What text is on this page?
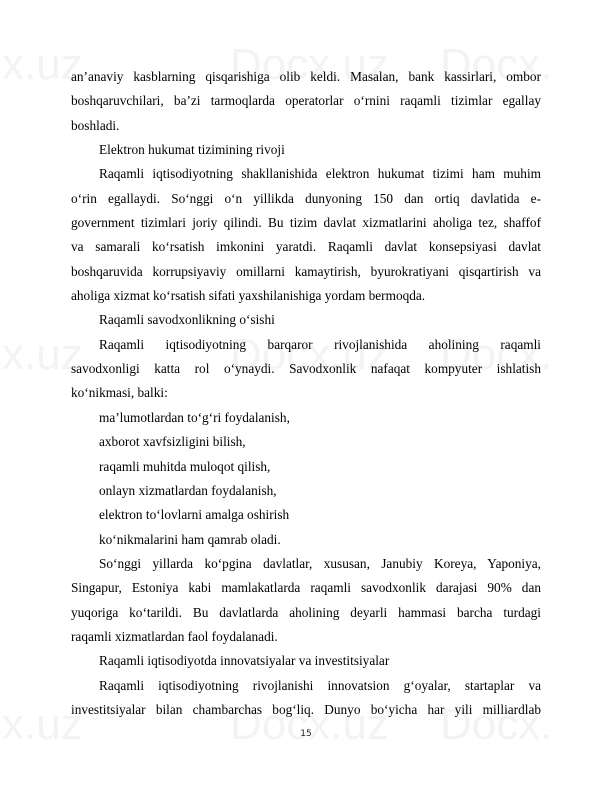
an’anaviy kasblarning qisqarishiga olib keldi. Masalan, bank kassirlari, ombor
boshqaruvchilari, ba’zi tarmoqlarda operatorlar o‘rnini raqamli tizimlar egallay
boshladi.
Elektron hukumat tizimining rivoji
Raqamli iqtisodiyotning shakllanishida elektron hukumat tizimi ham muhim
o‘rin egallaydi. So‘nggi o‘n yillikda dunyoning 150 dan ortiq davlatida e-
government tizimlari joriy qilindi. Bu tizim davlat xizmatlarini aholiga tez, shaffof
va samarali ko‘rsatish imkonini yaratdi. Raqamli davlat konsepsiyasi davlat
boshqaruvida korrupsiyaviy omillarni kamaytirish, byurokratiyani qisqartirish va
aholiga xizmat ko‘rsatish sifati yaxshilanishiga yordam bermoqda.
Raqamli savodxonlikning o‘sishi
Raqamli iqtisodiyotning barqaror rivojlanishida aholining raqamli
savodxonligi katta rol o‘ynaydi. Savodxonlik nafaqat kompyuter ishlatish
ko‘nikmasi, balki:
ma’lumotlardan to‘g‘ri foydalanish,
axborot xavfsizligini bilish,
raqamli muhitda muloqot qilish,
onlayn xizmatlardan foydalanish,
elektron to‘lovlarni amalga oshirish
ko‘nikmalarini ham qamrab oladi.
So‘nggi yillarda ko‘pgina davlatlar, xususan, Janubiy Koreya, Yaponiya,
Singapur, Estoniya kabi mamlakatlarda raqamli savodxonlik darajasi 90% dan
yuqoriga ko‘tarildi. Bu davlatlarda aholining deyarli hammasi barcha turdagi
raqamli xizmatlardan faol foydalanadi.
Raqamli iqtisodiyotda innovatsiyalar va investitsiyalar
Raqamli iqtisodiyotning rivojlanishi innovatsion g‘oyalar, startaplar va
investitsiyalar bilan chambarchas bog‘liq. Dunyo bo‘yicha har yili milliardlab
15
